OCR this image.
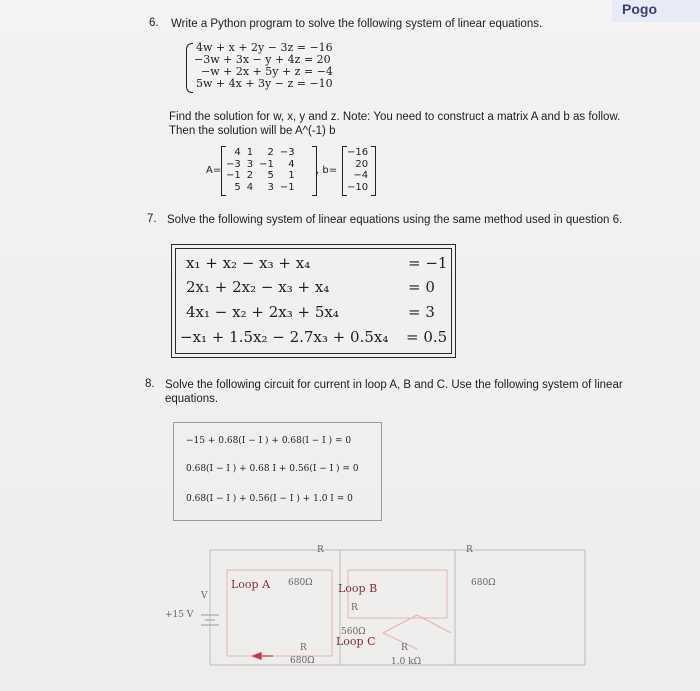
Pogo
6. Write a Python program to solve the following system of linear equations.
4w + x + 2y − 3z = −16
−3w + 3x − y + 4z = 20
−w + 2x + 5y + z = −4
5w + 4x + 3y − z = −10
Find the solution for w, x, y and z. Note: You need to construct a matrix A and b as follow.
Then the solution will be A^(-1) b
A=
4	1	2	−3
−3	3	−1	4
−1	2	5	1
5	4	3	−1
, b=
−16
20
−4
−10
7. Solve the following system of linear equations using the same method used in question 6.
x₁ + x₂ − x₃ + x₄	= −1
2x₁ + 2x₂ − x₃ + x₄	= 0
4x₁ − x₂ + 2x₃ + 5x₄	= 3
−x₁ + 1.5x₂ − 2.7x₃ + 0.5x₄ = 0.5
8. Solve the following circuit for current in loop A, B and C. Use the following system of linear
equations.
−15 + 0.68(I − I ) + 0.68(I − I ) = 0
0.68(I − I ) + 0.68 I + 0.56(I − I ) = 0
0.68(I − I ) + 0.56(I − I ) + 1.0 I = 0
R
680Ω
R
680Ω
R
560Ω
R
680Ω
R
1.0 kΩ
V
+15 V
Loop A	Loop B
Loop C
